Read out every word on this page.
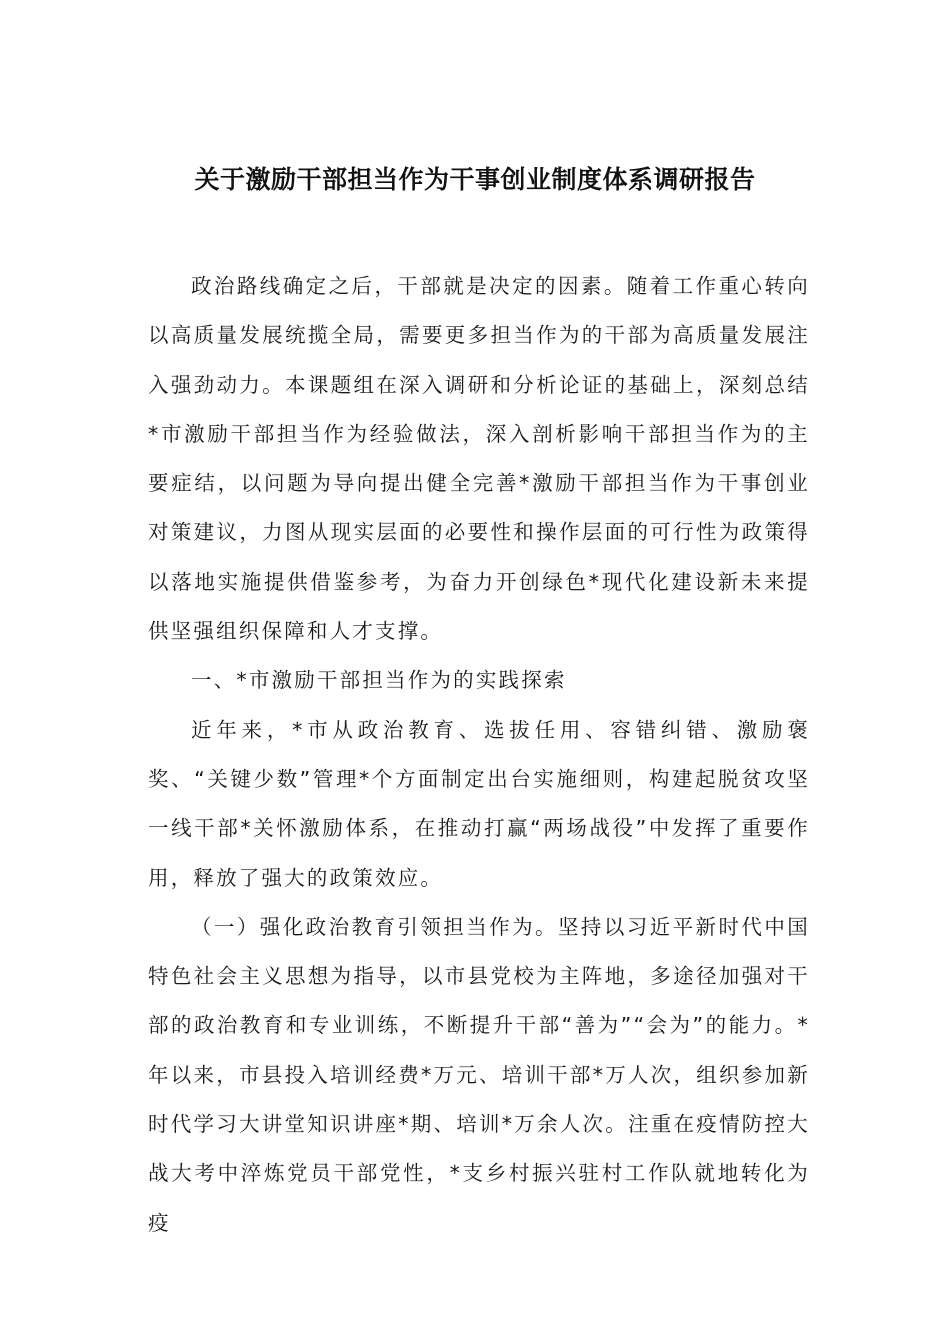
关于激励干部担当作为干事创业制度体系调研报告

政治路线确定之后，干部就是决定的因素。随着工作重心转向以高质量发展统揽全局，需要更多担当作为的干部为高质量发展注入强劲动力。本课题组在深入调研和分析论证的基础上，深刻总结*市激励干部担当作为经验做法，深入剖析影响干部担当作为的主要症结，以问题为导向提出健全完善*激励干部担当作为干事创业对策建议，力图从现实层面的必要性和操作层面的可行性为政策得以落地实施提供借鉴参考，为奋力开创绿色*现代化建设新未来提供坚强组织保障和人才支撑。

一、*市激励干部担当作为的实践探索

近年来，*市从政治教育、选拔任用、容错纠错、激励褒奖、“关键少数”管理*个方面制定出台实施细则，构建起脱贫攻坚一线干部*关怀激励体系，在推动打赢“两场战役”中发挥了重要作用，释放了强大的政策效应。

（一）强化政治教育引领担当作为。坚持以习近平新时代中国特色社会主义思想为指导，以市县党校为主阵地，多途径加强对干部的政治教育和专业训练，不断提升干部“善为”“会为”的能力。*年以来，市县投入培训经费*万元、培训干部*万人次，组织参加新时代学习大讲堂知识讲座*期、培训*万余人次。注重在疫情防控大战大考中淬炼党员干部党性，*支乡村振兴驻村工作队就地转化为疫
